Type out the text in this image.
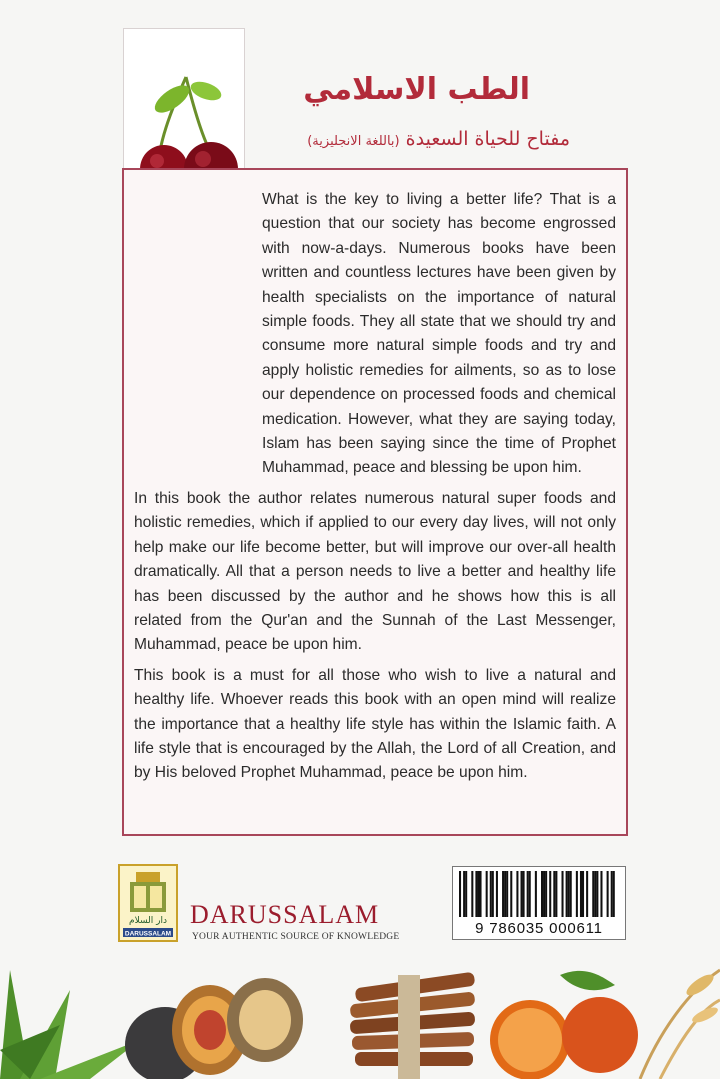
الطب الاسلامي
مفتاح للحياة السعيدة (باللغة الانجليزية)

What is the key to living a better life? That is a question that our society has become engrossed with now-a-days. Numerous books have been written and countless lectures have been given by health specialists on the importance of natural simple foods. They all state that we should try and consume more natural simple foods and try and apply holistic remedies for ailments, so as to lose our dependence on processed foods and chemical medication. However, what they are saying today, Islam has been saying since the time of Prophet Muhammad, peace and blessing be upon him.

In this book the author relates numerous natural super foods and holistic remedies, which if applied to our every day lives, will not only help make our life become better, but will improve our over-all health dramatically. All that a person needs to live a better and healthy life has been discussed by the author and he shows how this is all related from the Qur'an and the Sunnah of the Last Messenger, Muhammad, peace be upon him.

This book is a must for all those who wish to live a natural and healthy life. Whoever reads this book with an open mind will realize the importance that a healthy life style has within the Islamic faith. A life style that is encouraged by the Allah, the Lord of all Creation, and by His beloved Prophet Muhammad, peace be upon him.

دار السلام
DARUSSALAM
DARUSSALAM
YOUR AUTHENTIC SOURCE OF KNOWLEDGE	9 786035 000611
